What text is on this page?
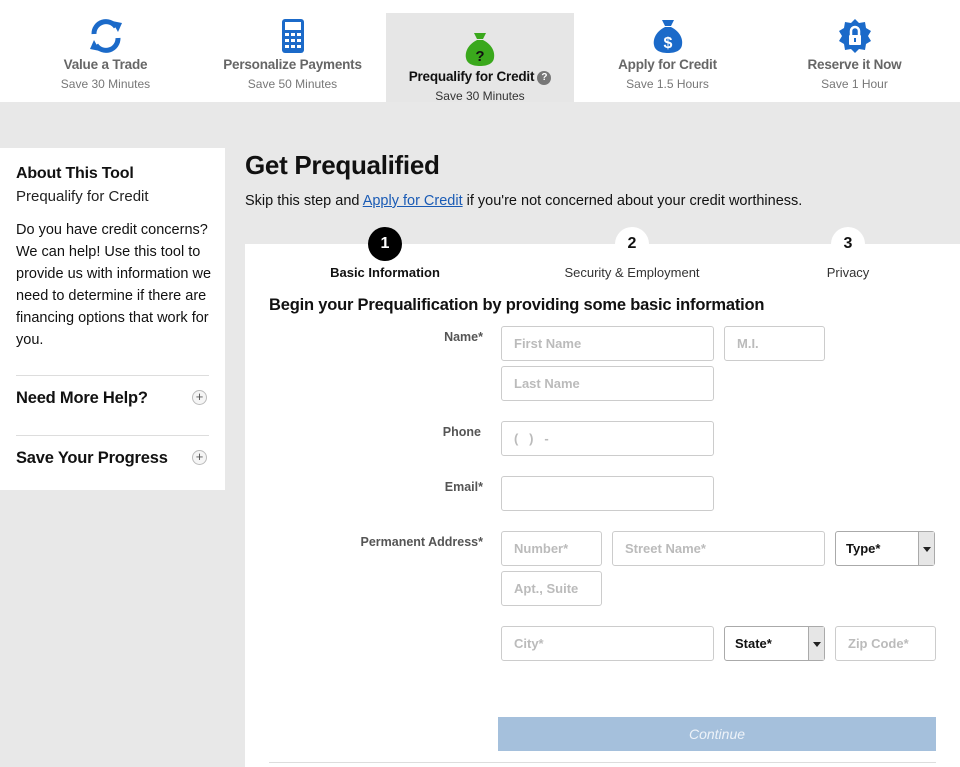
Value a Trade
Save 30 Minutes
Personalize Payments
Save 50 Minutes
?
Prequalify for Credit ?
Save 30 Minutes
$
Apply for Credit
Save 1.5 Hours
Reserve it Now
Save 1 Hour
About This Tool
Prequalify for Credit
Do you have credit concerns? We can help! Use this tool to provide us with information we need to determine if there are financing options that work for you.
Need More Help?	+
Save Your Progress +
Get Prequalified
Skip this step and Apply for Credit if you're not concerned about your credit worthiness.
1
Basic Information
2
Security & Employment
3
Privacy
Begin your Prequalification by providing some basic information
Name*
First Name
M.I.
Last Name
Phone
( ) -
Email*
Permanent Address*
Number*
Street Name*	Type*
Apt., Suite
City*
State*
Zip Code*
Continue
